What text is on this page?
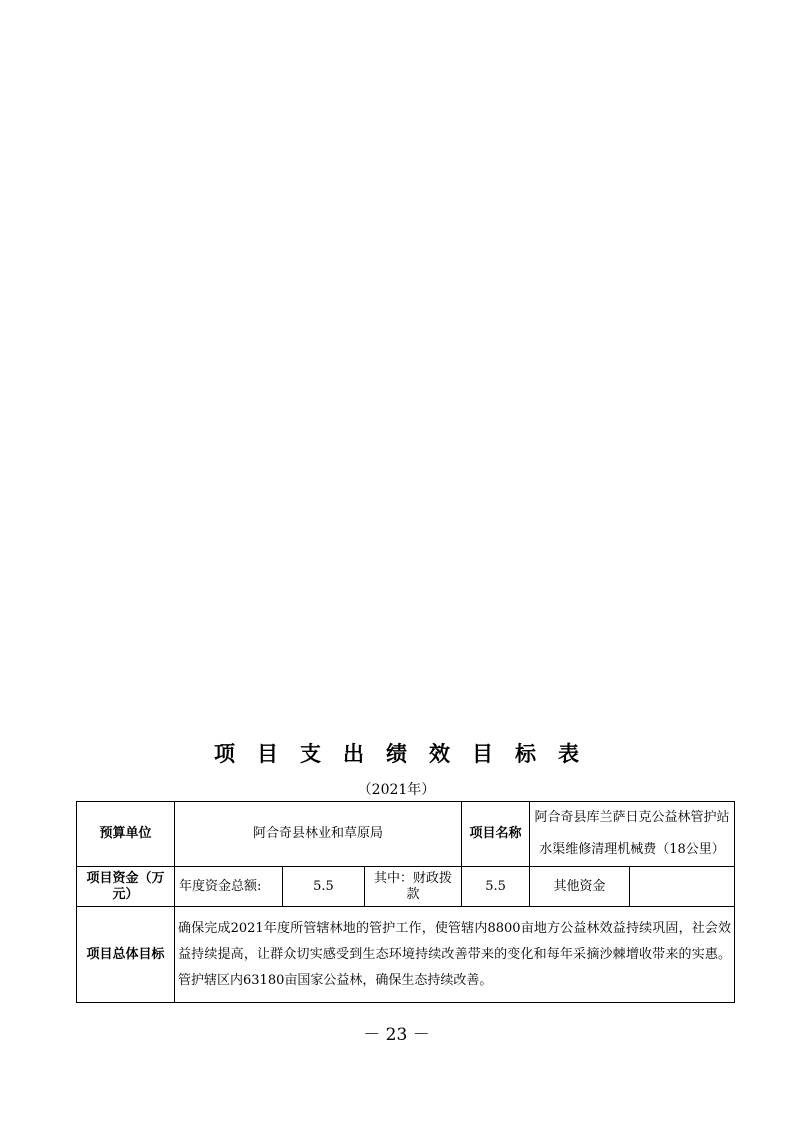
项目支出绩效目标表
（2021年）
预算单位	阿合奇县林业和草原局			项目名称	阿合奇县库兰萨日克公益林管护站水渠维修清理机械费（18公里）	
项目资金（万元）	年度资金总额:	5.5	其中：财政拨款	5.5	其他资金	
项目总体目标	确保完成2021年度所管辖林地的管护工作，使管辖内8800亩地方公益林效益持续巩固，社会效益持续提高，让群众切实感受到生态环境持续改善带来的变化和每年采摘沙棘增收带来的实惠。管护辖区内63180亩国家公益林，确保生态持续改善。					
－ 23 －
